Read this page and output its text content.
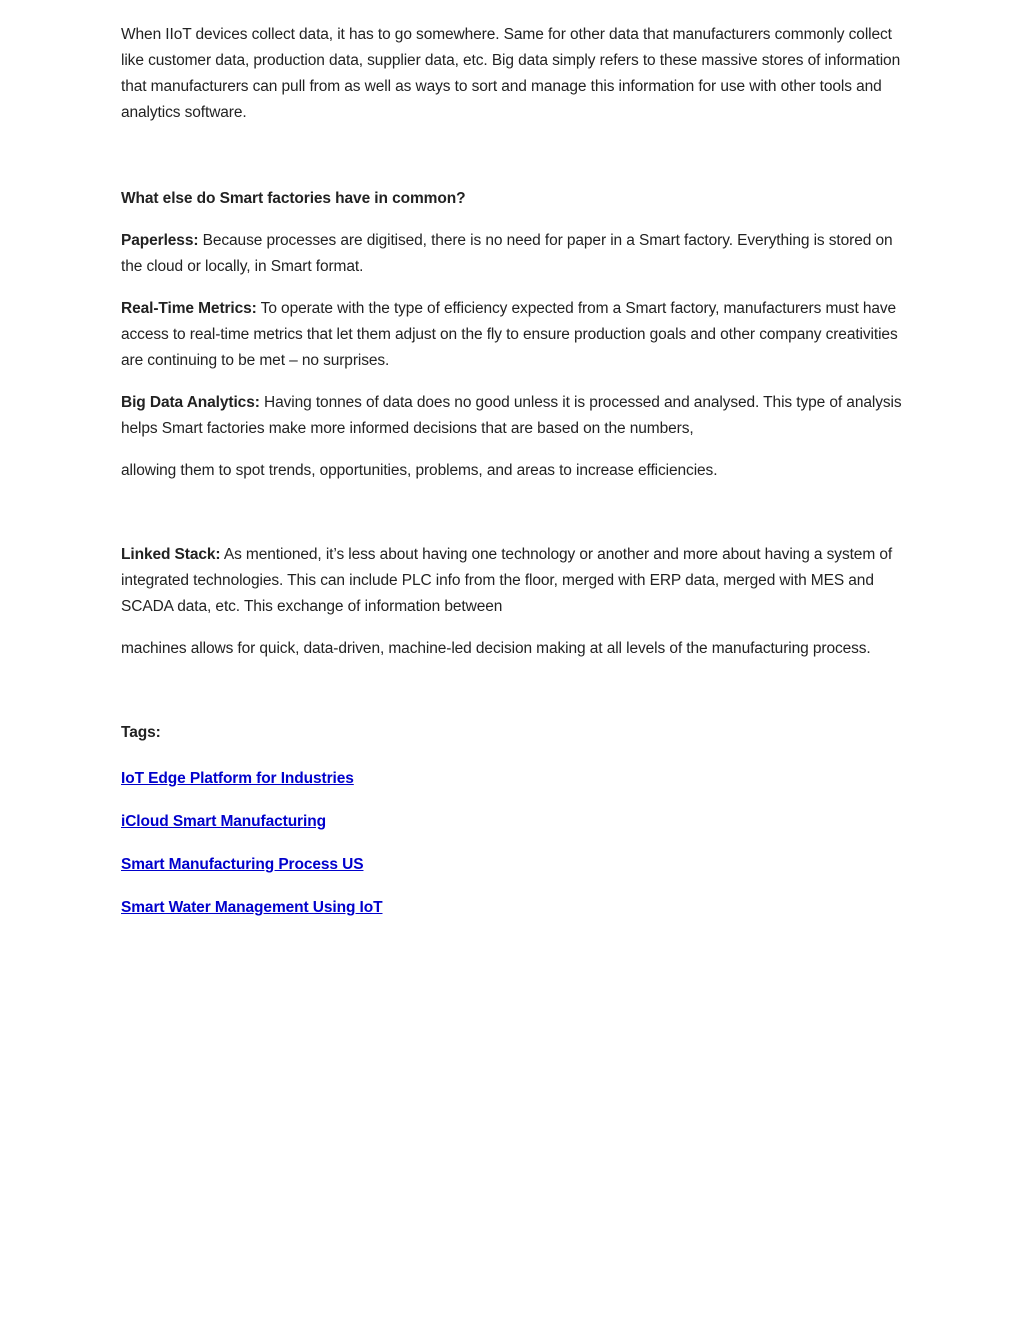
When IIoT devices collect data, it has to go somewhere. Same for other data that manufacturers commonly collect like customer data, production data, supplier data, etc. Big data simply refers to these massive stores of information that manufacturers can pull from as well as ways to sort and manage this information for use with other tools and analytics software.

What else do Smart factories have in common?

Paperless: Because processes are digitised, there is no need for paper in a Smart factory. Everything is stored on the cloud or locally, in Smart format.

Real-Time Metrics: To operate with the type of efficiency expected from a Smart factory, manufacturers must have access to real-time metrics that let them adjust on the fly to ensure production goals and other company creativities are continuing to be met – no surprises.

Big Data Analytics: Having tonnes of data does no good unless it is processed and analysed. This type of analysis helps Smart factories make more informed decisions that are based on the numbers,

allowing them to spot trends, opportunities, problems, and areas to increase efficiencies.

Linked Stack: As mentioned, it’s less about having one technology or another and more about having a system of integrated technologies. This can include PLC info from the floor, merged with ERP data, merged with MES and SCADA data, etc. This exchange of information between

machines allows for quick, data-driven, machine-led decision making at all levels of the manufacturing process.

Tags:

IoT Edge Platform for Industries
iCloud Smart Manufacturing
Smart Manufacturing Process US
Smart Water Management Using IoT
